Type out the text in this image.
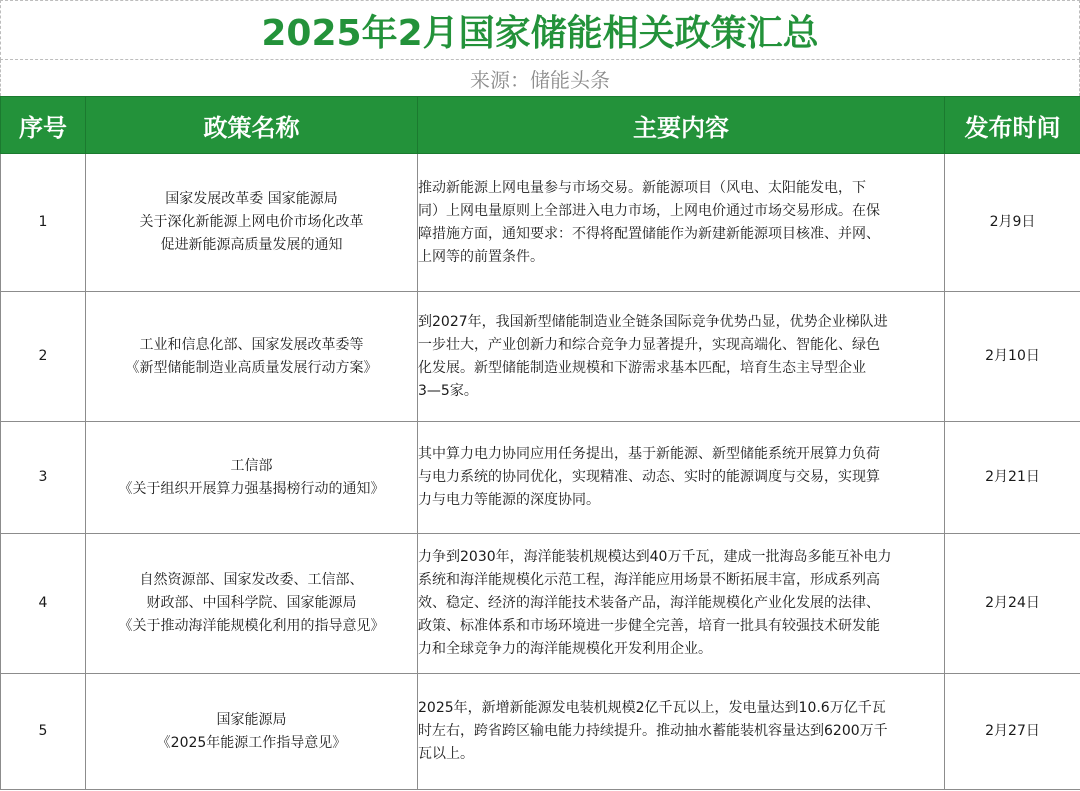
2025年2月国家储能相关政策汇总
来源：储能头条
序号	政策名称	主要内容	发布时间
1	国家发展改革委 国家能源局
关于深化新能源上网电价市场化改革
促进新能源高质量发展的通知	推动新能源上网电量参与市场交易。新能源项目（风电、太阳能发电，下
同）上网电量原则上全部进入电力市场，上网电价通过市场交易形成。在保
障措施方面，通知要求：不得将配置储能作为新建新能源项目核准、并网、
上网等的前置条件。	2月9日
2	工业和信息化部、国家发展改革委等
《新型储能制造业高质量发展行动方案》	到2027年，我国新型储能制造业全链条国际竞争优势凸显，优势企业梯队进
一步壮大，产业创新力和综合竞争力显著提升，实现高端化、智能化、绿色
化发展。新型储能制造业规模和下游需求基本匹配，培育生态主导型企业
3—5家。	2月10日
3	工信部
《关于组织开展算力强基揭榜行动的通知》	其中算力电力协同应用任务提出，基于新能源、新型储能系统开展算力负荷
与电力系统的协同优化，实现精准、动态、实时的能源调度与交易，实现算
力与电力等能源的深度协同。	2月21日
4	自然资源部、国家发改委、工信部、
财政部、中国科学院、国家能源局
《关于推动海洋能规模化利用的指导意见》	力争到2030年，海洋能装机规模达到40万千瓦，建成一批海岛多能互补电力
系统和海洋能规模化示范工程，海洋能应用场景不断拓展丰富，形成系列高
效、稳定、经济的海洋能技术装备产品，海洋能规模化产业化发展的法律、
政策、标准体系和市场环境进一步健全完善，培育一批具有较强技术研发能
力和全球竞争力的海洋能规模化开发利用企业。	2月24日
5	国家能源局
《2025年能源工作指导意见》	2025年，新增新能源发电装机规模2亿千瓦以上，发电量达到10.6万亿千瓦
时左右，跨省跨区输电能力持续提升。推动抽水蓄能装机容量达到6200万千
瓦以上。	2月27日
